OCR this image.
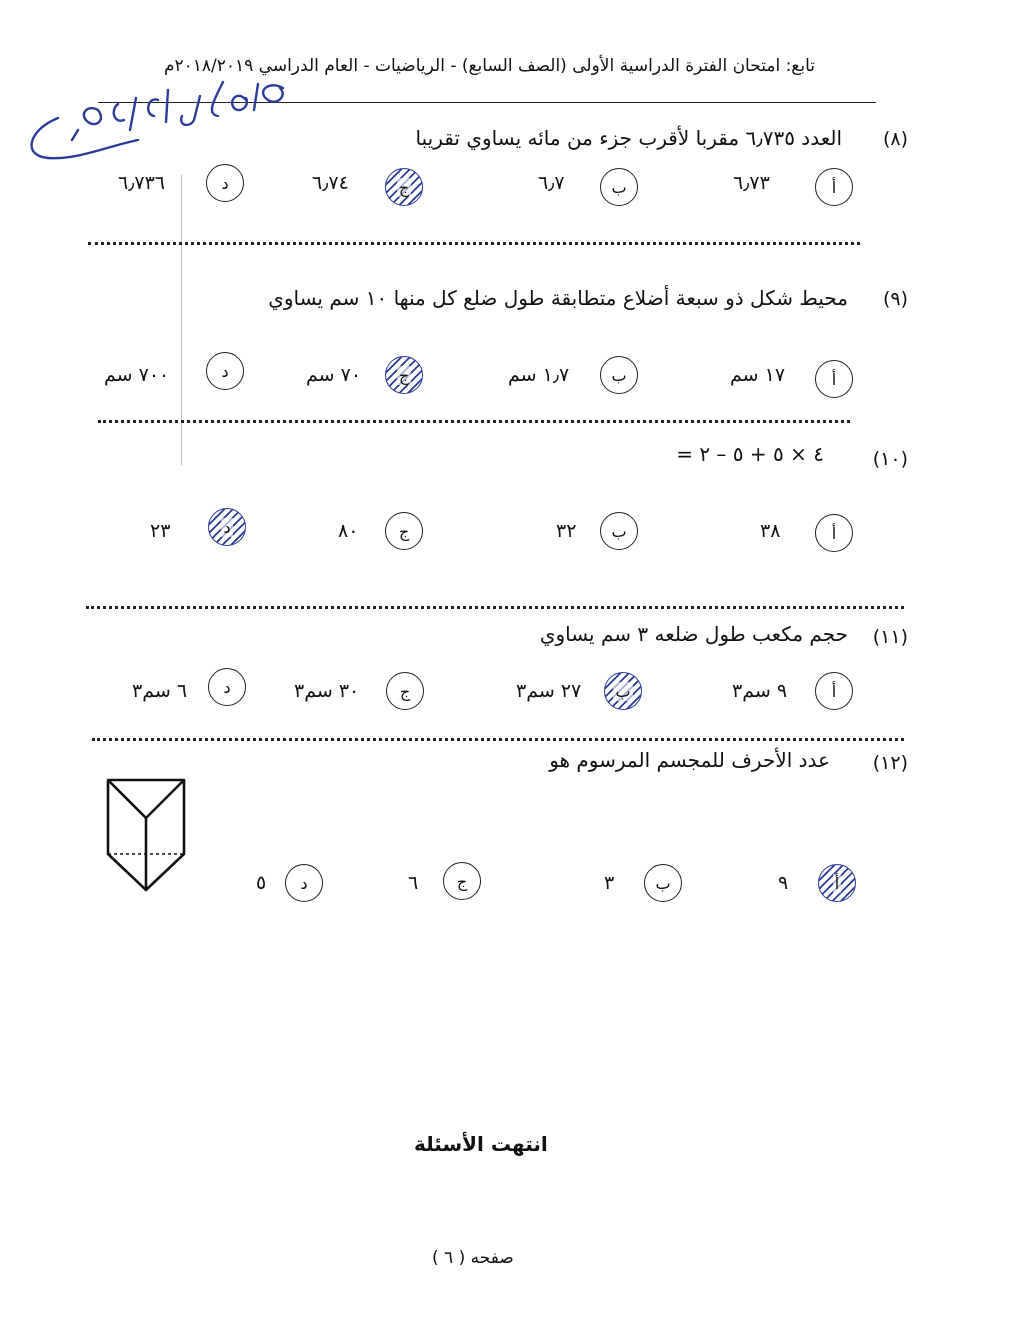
تابع: امتحان الفترة الدراسية الأولى (الصف السابع) - الرياضيات - العام الدراسي ٢٠١٨/٢٠١٩م
(٨)
العدد ٦٫٧٣٥ مقربا لأقرب جزء من مائه يساوي تقريبا
أ
٦٫٧٣
ب
٦٫٧
ج
٦٫٧٤
د
٦٫٧٣٦
(٩)
محيط شكل ذو سبعة أضلاع متطابقة طول ضلع كل منها ١٠ سم يساوي
أ
١٧ سم
ب
١٫٧ سم
ج
٧٠ سم
د
٧٠٠ سم
(١٠)
٤ × ٥ + ٥ – ٢ =
أ
٣٨
ب
٣٢
ج
٨٠
د
٢٣
(١١)
حجم مكعب طول ضلعه ٣ سم يساوي
أ
٩ سم٣
ب
٢٧ سم٣
ج
٣٠ سم٣
د
٦ سم٣
(١٢)
عدد الأحرف للمجسم المرسوم هو
أ
٩
ب
٣
ج
٦
د
٥
انتهت الأسئلة
صفحه ( ٦ )
